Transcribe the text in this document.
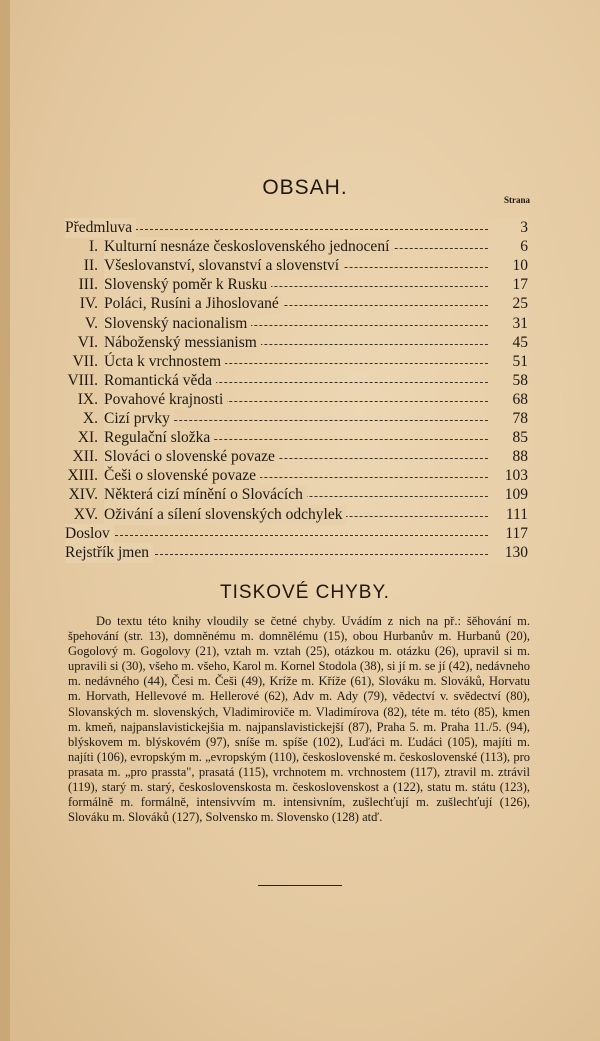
OBSAH.
Strana
Předmluva	3
I. Kulturní nesnáze československého jednocení	6
II. Všeslovanství, slovanství a slovenství	10
III. Slovenský poměr k Rusku	17
IV. Poláci, Rusíni a Jihoslované	25
V. Slovenský nacionalism	31
VI. Náboženský messianism	45
VII. Úcta k vrchnostem	51
VIII. Romantická věda	58
IX. Povahové krajnosti	68
X. Cizí prvky	78
XI. Regulační složka	85
XII. Slováci o slovenské povaze	88
XIII. Češi o slovenské povaze	103
XIV. Některá cizí mínění o Slovácích	109
XV. Oživání a sílení slovenských odchylek	111
Doslov	117
Rejstřík jmen	130
TISKOVÉ CHYBY.
Do textu této knihy vloudily se četné chyby. Uvádím z nich na př.: šěhování m. špehování (str. 13), domněnému m. domnělému (15), obou Hurbanův m. Hurbanů (20), Gogolový m. Gogolovy (21), vztah m. vztah (25), otázkou m. otázku (26), upravil si m. upravili si (30), všeho m. všeho, Karol m. Kornel Stodola (38), si jí m. se jí (42), nedávneho m. nedávného (44), Česi m. Češi (49), Kríže m. Kříže (61), Slováku m. Slováků, Horvatu m. Horvath, Hellevové m. Hellerové (62), Adv m. Ady (79), vědectví v. svědectví (80), Slovanských m. slovenských, Vladimiroviče m. Vladimírova (82), téte m. této (85), kmen m. kmeň, najpanslavistickejšia m. najpanslavistickejší (87), Praha 5. m. Praha 11./5. (94), blýskovem m. blýskovém (97), sníše m. spíše (102), Luďáci m. Ľudáci (105), majíti m. najíti (106), evropským m. „evropským (110), československé m. československé (113), pro prasata m. „pro prassta", prasatá (115), vrchnotem m. vrchnostem (117), ztravil m. ztrávil (119), starý m. starý, československosta m. československost a (122), statu m. státu (123), formálně m. formálně, intensivvím m. intensivním, zušlechťují m. zušlechťují (126), Slováku m. Slováků (127), Solvensko m. Slovensko (128) atď.
